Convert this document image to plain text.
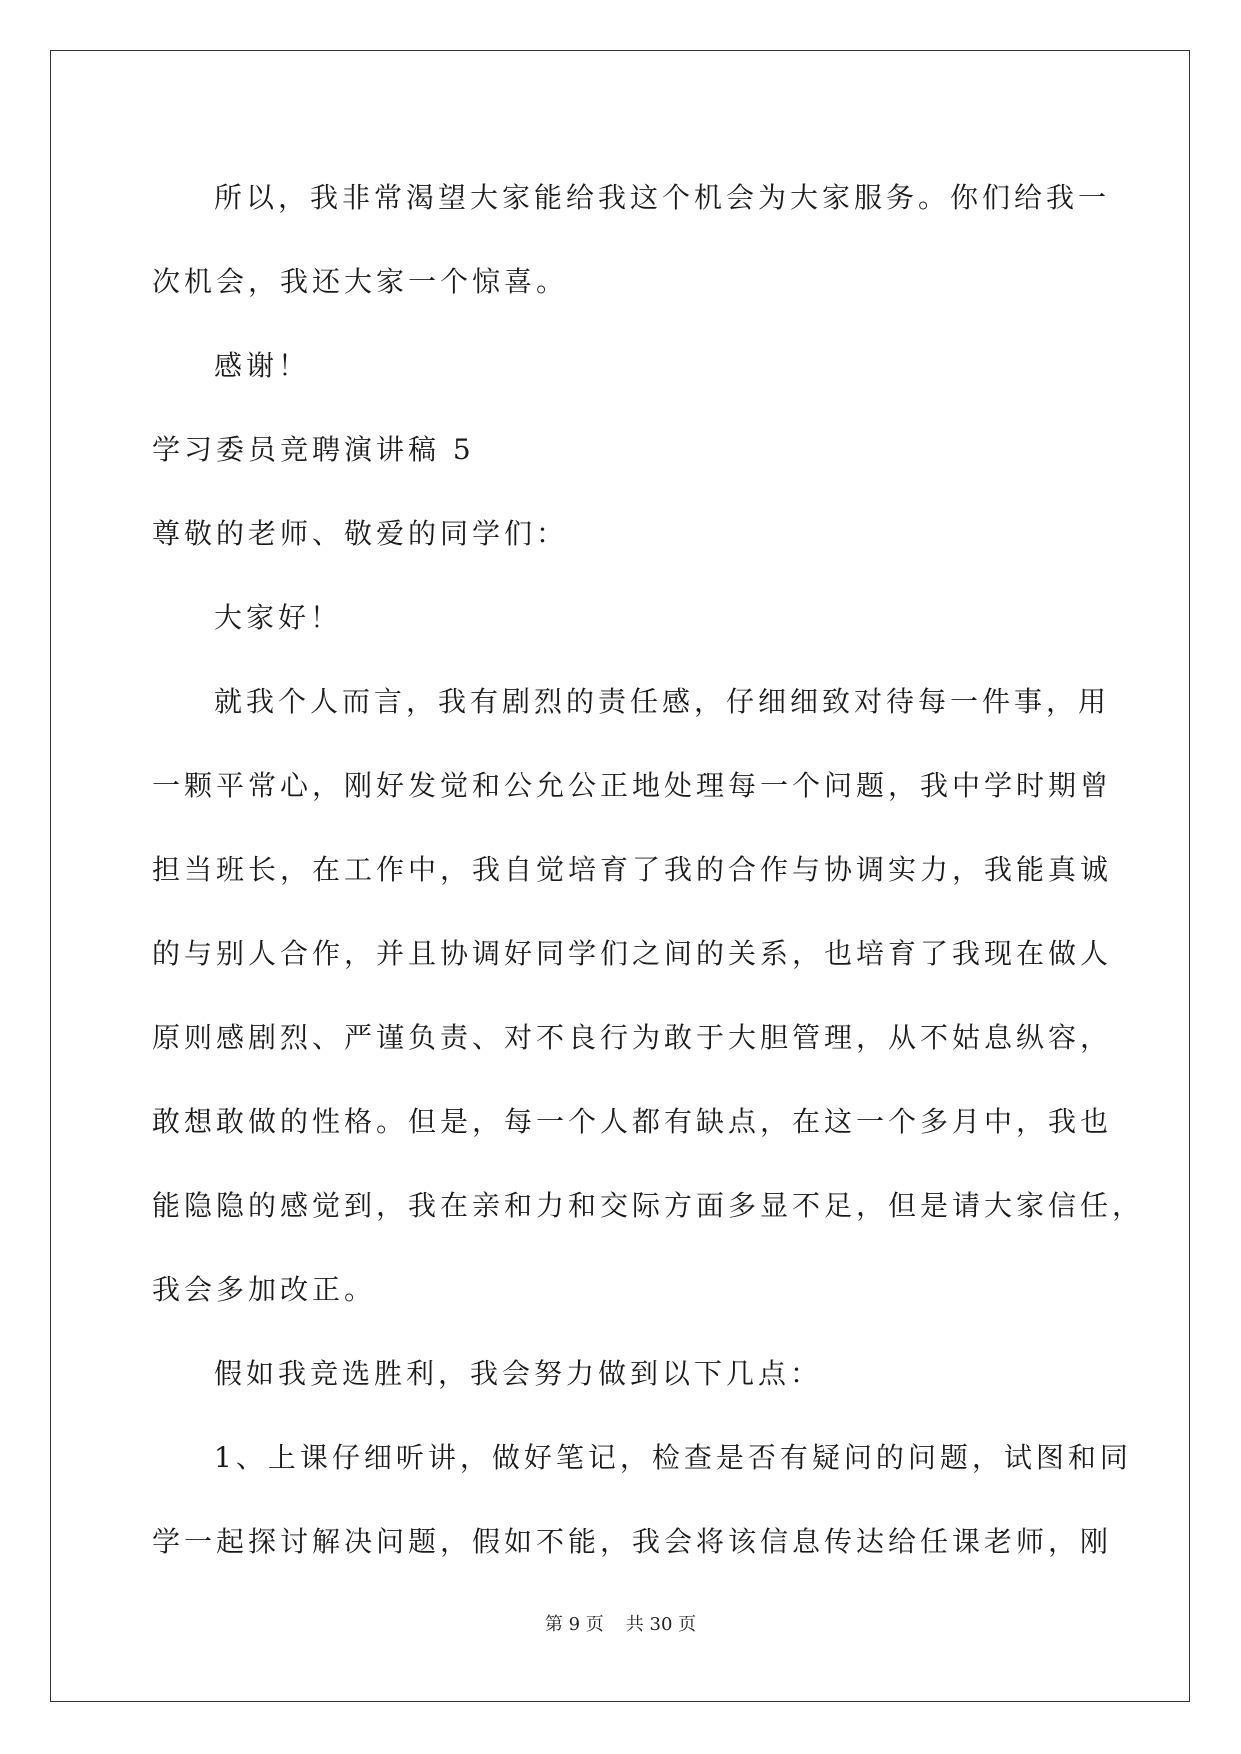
所以，我非常渴望大家能给我这个机会为大家服务。你们给我一

次机会，我还大家一个惊喜。

感谢！

学习委员竞聘演讲稿 5

尊敬的老师、敬爱的同学们：

大家好！

就我个人而言，我有剧烈的责任感，仔细细致对待每一件事，用

一颗平常心，刚好发觉和公允公正地处理每一个问题，我中学时期曾

担当班长，在工作中，我自觉培育了我的合作与协调实力，我能真诚

的与别人合作，并且协调好同学们之间的关系，也培育了我现在做人

原则感剧烈、严谨负责、对不良行为敢于大胆管理，从不姑息纵容，

敢想敢做的性格。但是，每一个人都有缺点，在这一个多月中，我也

能隐隐的感觉到，我在亲和力和交际方面多显不足，但是请大家信任，

我会多加改正。

假如我竞选胜利，我会努力做到以下几点：

1、上课仔细听讲，做好笔记，检查是否有疑问的问题，试图和同

学一起探讨解决问题，假如不能，我会将该信息传达给任课老师，刚

第 9 页 共 30 页
